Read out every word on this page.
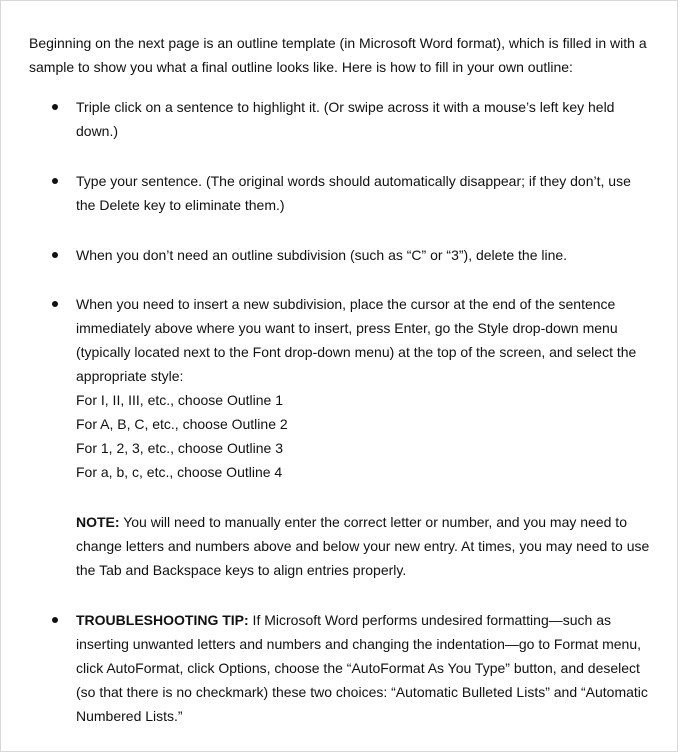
Beginning on the next page is an outline template (in Microsoft Word format), which is filled in with a
sample to show you what a final outline looks like. Here is how to fill in your own outline:

Triple click on a sentence to highlight it. (Or swipe across it with a mouse’s left key held
down.)
Type your sentence. (The original words should automatically disappear; if they don’t, use
the Delete key to eliminate them.)
When you don’t need an outline subdivision (such as “C” or “3”), delete the line.
When you need to insert a new subdivision, place the cursor at the end of the sentence
immediately above where you want to insert, press Enter, go the Style drop-down menu
(typically located next to the Font drop-down menu) at the top of the screen, and select the
appropriate style:
For I, II, III, etc., choose Outline 1
For A, B, C, etc., choose Outline 2
For 1, 2, 3, etc., choose Outline 3
For a, b, c, etc., choose Outline 4
NOTE: You will need to manually enter the correct letter or number, and you may need to
change letters and numbers above and below your new entry. At times, you may need to use
the Tab and Backspace keys to align entries properly.
TROUBLESHOOTING TIP: If Microsoft Word performs undesired formatting—such as
inserting unwanted letters and numbers and changing the indentation—go to Format menu,
click AutoFormat, click Options, choose the “AutoFormat As You Type” button, and deselect
(so that there is no checkmark) these two choices: “Automatic Bulleted Lists” and “Automatic
Numbered Lists.”
